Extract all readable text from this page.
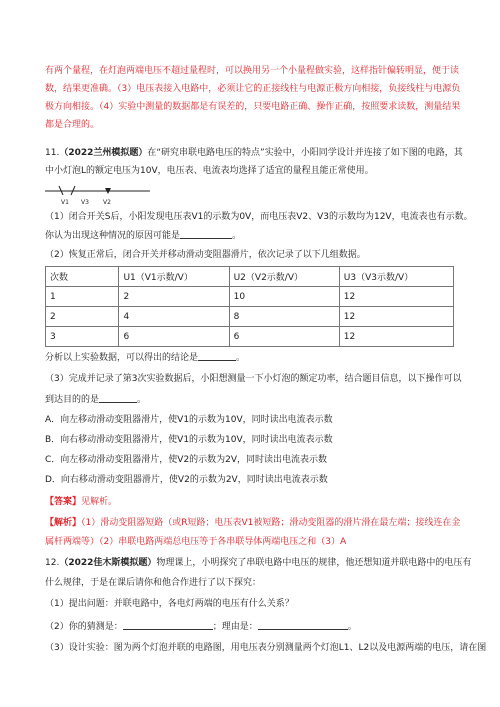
有两个量程，在灯泡两端电压不超过量程时，可以换用另一个小量程做实验，这样指针偏转明显，便于读
数，结果更准确。（3）电压表接入电路中，必须让它的正接线柱与电源正极方向相接，负接线柱与电源负
极方向相接。（4）实验中测量的数据都是有误差的，只要电路正确、操作正确，按照要求读数，测量结果
都是合理的。
11.（2022兰州模拟题）在“研究串联电路电压的特点”实验中，小阳同学设计并连接了如下图的电路，其
中小灯泡L的额定电压为10V，电压表、电流表均选择了适宜的量程且能正常使用。
V1 V3 V2
（1）闭合开关S后，小阳发现电压表V1的示数为0V，而电压表V2、V3的示数均为12V，电流表也有示数。
你认为出现这种情况的原因可能是	。
（2）恢复正常后，闭合开关并移动滑动变阻器滑片，依次记录了以下几组数据。
次数	U1（V1示数/V）	U2（V2示数/V）	U3（V3示数/V）
1	2	10	12
2	4	8	12
3	6	6	12
分析以上实验数据，可以得出的结论是	。
（3）完成并记录了第3次实验数据后，小阳想测量一下小灯泡的额定功率，结合题目信息，以下操作可以
到达目的的是	。
A．向左移动滑动变阻器滑片，使V1的示数为10V，同时读出电流表示数
B．向右移动滑动变阻器滑片，使V1的示数为10V，同时读出电流表示数
C．向左移动滑动变阻器滑片，使V2的示数为2V，同时读出电流表示数
D．向右移动滑动变阻器滑片，使V2的示数为2V，同时读出电流表示数
【答案】见解析。
【解析】（1）滑动变阻器短路（或R短路；电压表V1被短路；滑动变阻器的滑片滑在最左端；接线连在金
属杆两端等）（2）串联电路两端总电压等于各串联导体两端电压之和（3）A
12.（2022佳木斯模拟题）物理课上，小明探究了串联电路中电压的规律，他还想知道并联电路中的电压有
什么规律，于是在课后请你和他合作进行了以下探究：
（1）提出问题：并联电路中，各电灯两端的电压有什么关系？
（2）你的猜测是：	；理由是：	。
（3）设计实验：图为两个灯泡并联的电路图，用电压表分别测量两个灯泡L1、L2以及电源两端的电压，请在图
